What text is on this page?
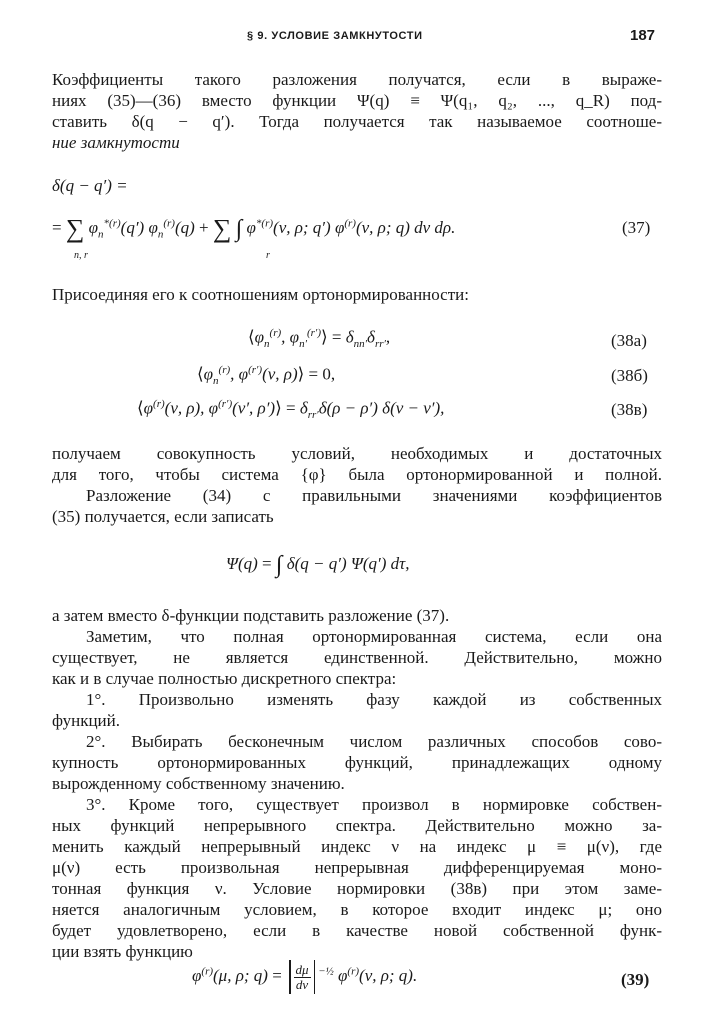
§ 9. УСЛОВИЕ ЗАМКНУТОСТИ	187
Коэффициенты такого разложения получатся, если в выраже-
ниях (35)—(36) вместо функции Ψ(q) ≡ Ψ(q₁, q₂, ..., q_R) под-
ставить δ(q − q′). Тогда получается так называемое соотноше-
ние замкнутости
δ(q − q′) =
= ∑ $\varphi_n^{*(r)}(q') \varphi_n^{(r)}(q)$ + ∑ ∫ $\varphi^{*(r)}(\nu$, ρ; q′) $\varphi^{(r)}(\nu$, ρ; q) dν dρ.
n, r	r
(37)
Присоединяя его к соотношениям ортонормированности:
$⟨\varphi_n^{(r)}$, $\varphi_{n'}^{(r')}⟩ = \delta_{nn'}\delta_{rr'}$,	(38а)
$⟨\varphi_n^{(r)}$, $\varphi^{(r')}(\nu$, ρ)⟩ = 0,	(38б)
$⟨\varphi^{(r)}(\nu$, ρ), $\varphi^{(r')}(\nu'$, ρ′)⟩ = $\delta_{rr'}\delta(\rho - \rho') \delta(\nu - \nu')$,	(38в)
получаем совокупность условий, необходимых и достаточных
для того, чтобы система {φ} была ортонормированной и полной.
Разложение (34) с правильными значениями коэффициентов
(35) получается, если записать
Ψ(q) = ∫ δ(q − q′) Ψ(q′) dτ,
а затем вместо δ-функции подставить разложение (37).
Заметим, что полная ортонормированная система, если она
существует, не является единственной. Действительно, можно
как и в случае полностью дискретного спектра:
1°. Произвольно изменять фазу каждой из собственных
функций.
2°. Выбирать бесконечным числом различных способов сово-
купность ортонормированных функций, принадлежащих одному
вырожденному собственному значению.
3°. Кроме того, существует произвол в нормировке собствен-
ных функций непрерывного спектра. Действительно можно за-
менить каждый непрерывный индекс ν на индекс μ ≡ μ(ν), где
μ(ν) есть произвольная непрерывная дифференцируемая моно-
тонная функция ν. Условие нормировки (38в) при этом заме-
няется аналогичным условием, в которое входит индекс μ; оно
будет удовлетворено, если в качестве новой собственной функ-
ции взять функцию
$\varphi^{(r)}(\mu$, ρ; $q) = \frac{d\mu}{d\nu} ^{-\frac{1}{2}}$ $\varphi^{(r)}(\nu$, ρ; q).	(39)
